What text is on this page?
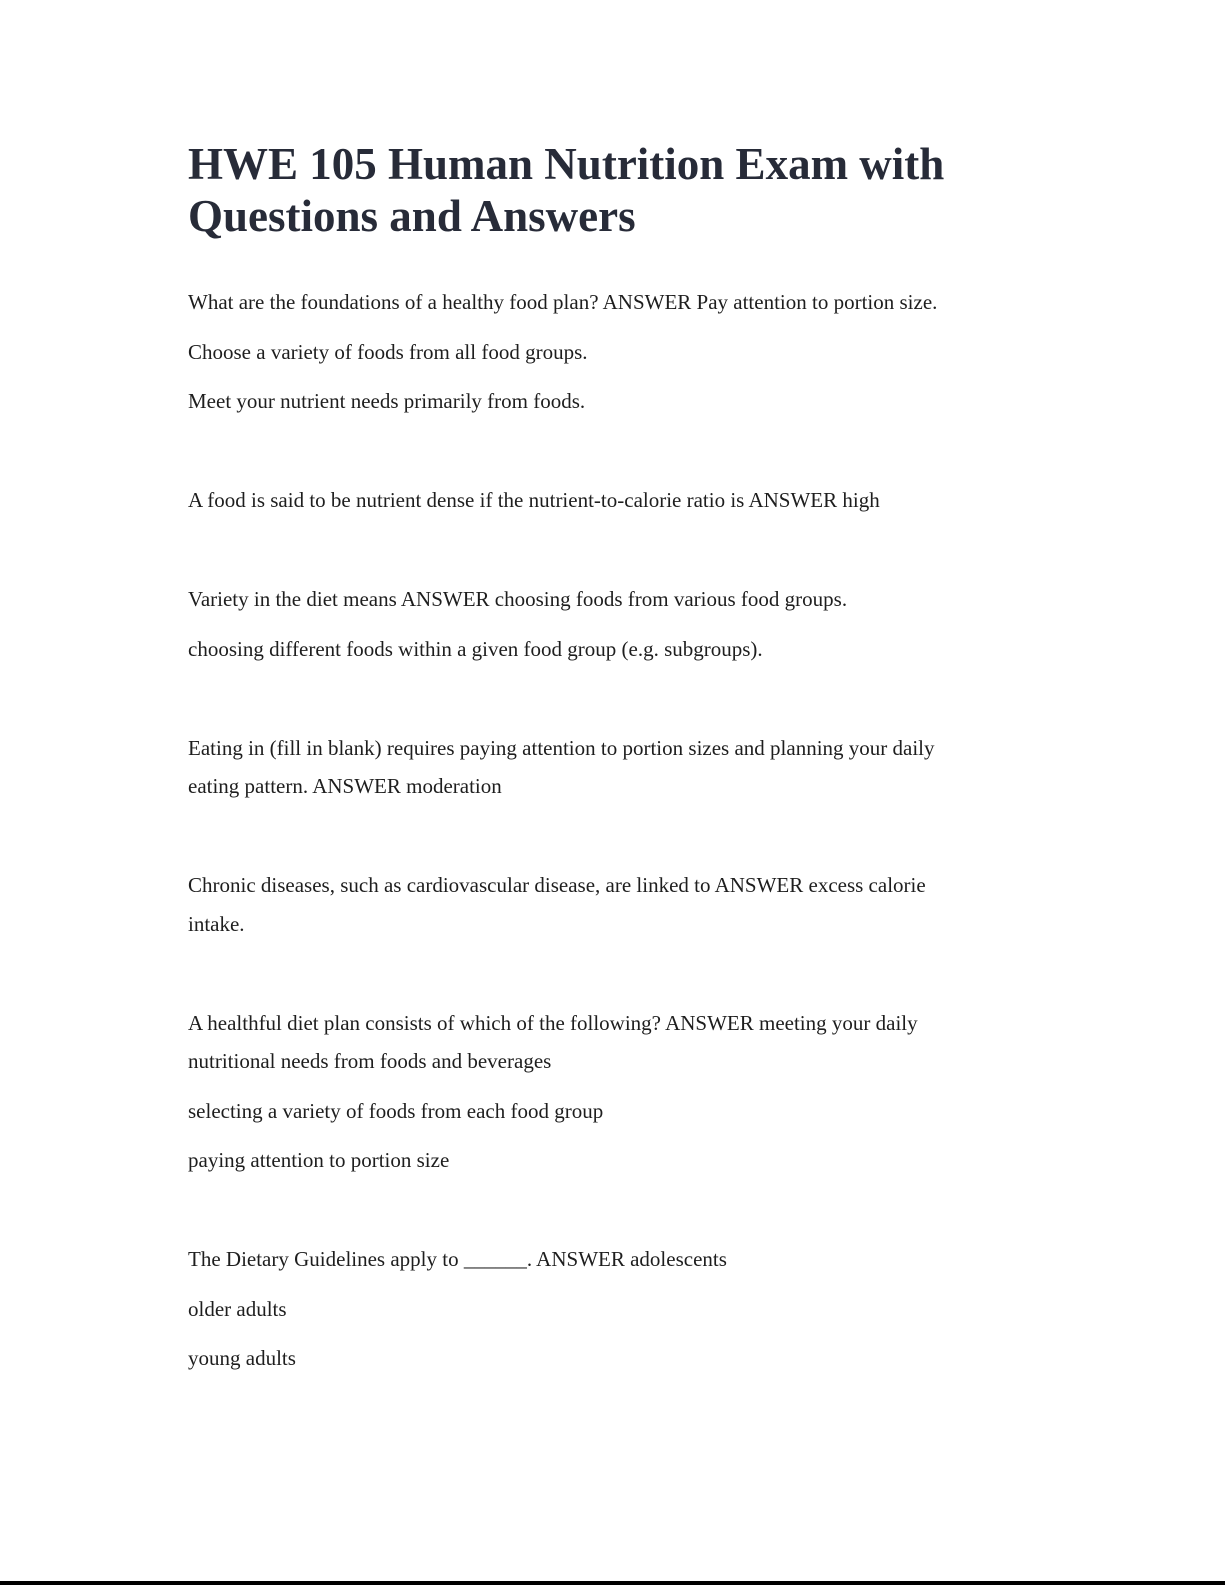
HWE 105 Human Nutrition Exam with Questions and Answers

What are the foundations of a healthy food plan? ANSWER Pay attention to portion size.

Choose a variety of foods from all food groups.

Meet your nutrient needs primarily from foods.

A food is said to be nutrient dense if the nutrient-to-calorie ratio is ANSWER high

Variety in the diet means ANSWER choosing foods from various food groups.

choosing different foods within a given food group (e.g. subgroups).

Eating in (fill in blank) requires paying attention to portion sizes and planning your daily

eating pattern. ANSWER moderation

Chronic diseases, such as cardiovascular disease, are linked to ANSWER excess calorie

intake.

A healthful diet plan consists of which of the following? ANSWER meeting your daily

nutritional needs from foods and beverages

selecting a variety of foods from each food group

paying attention to portion size

The Dietary Guidelines apply to ______. ANSWER adolescents

older adults

young adults
